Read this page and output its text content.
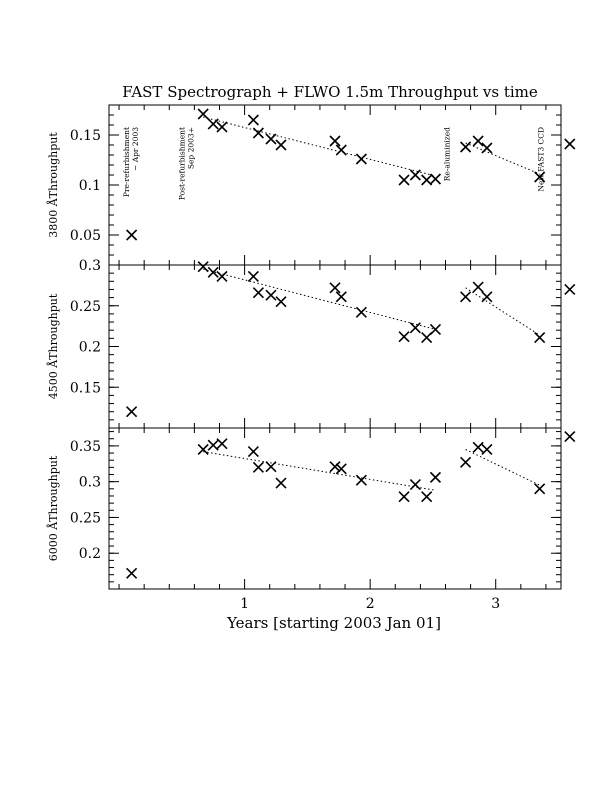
FAST Spectrograph + FLWO 1.5m Throughput vs time
0.05
0.1
0.15
3800 ÅThroughput	Pre-refurbishment ~ Apr 2003	Post-refurbishment Sep 2003+	Re-aluminized	New FAST3 CCD
0.15
0.2
0.25
0.3
4500 ÅThroughput
0.2
0.25
0.3
0.35
6000 ÅThroughput
1	2	3
Years [starting 2003 Jan 01]
